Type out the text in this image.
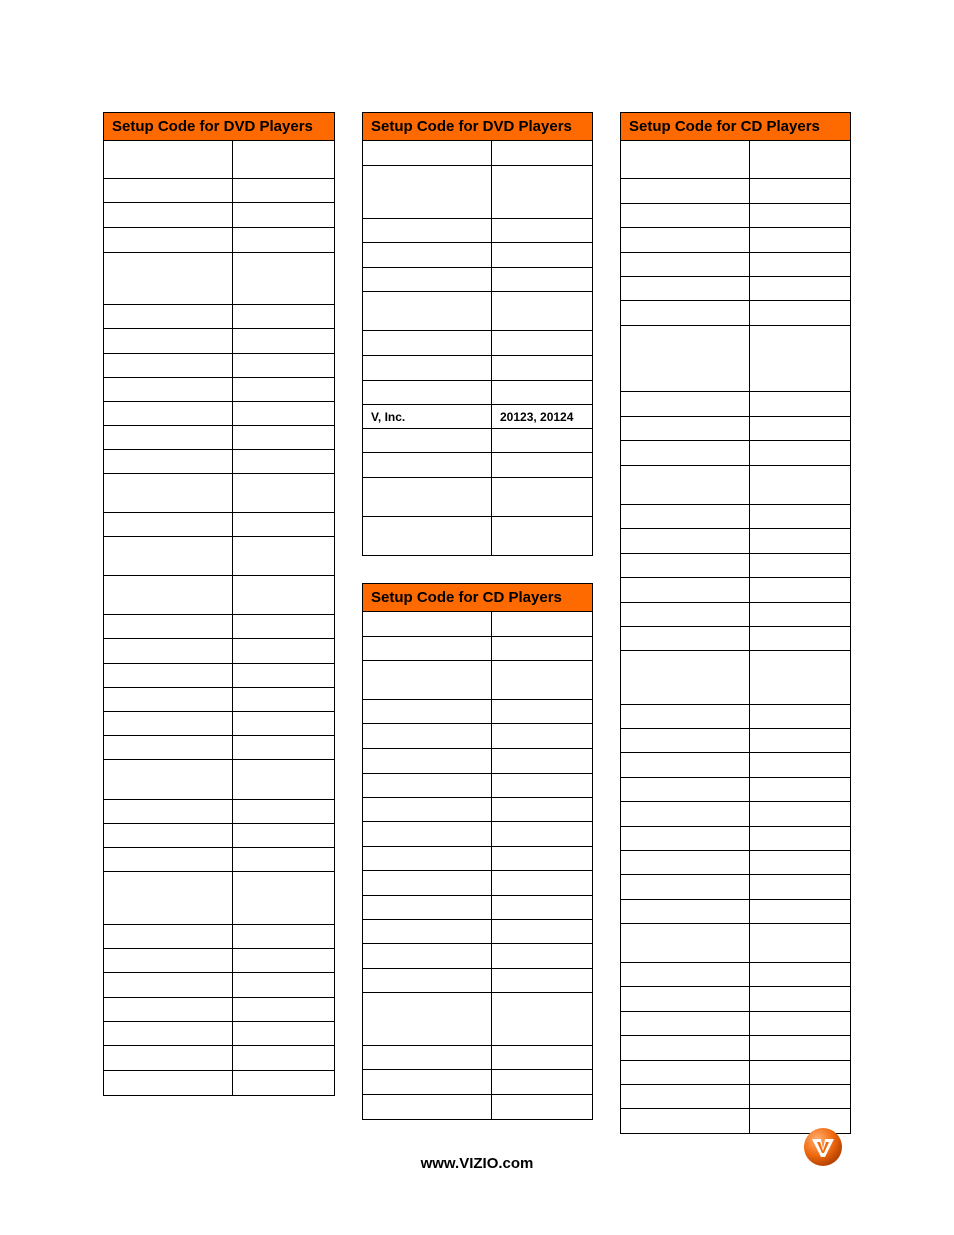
Setup Code for DVD Players	Setup Code for DVD Players
V, Inc.	20123, 20124
Setup Code for CD Players
Setup Code for CD Players
www.VIZIO.com
